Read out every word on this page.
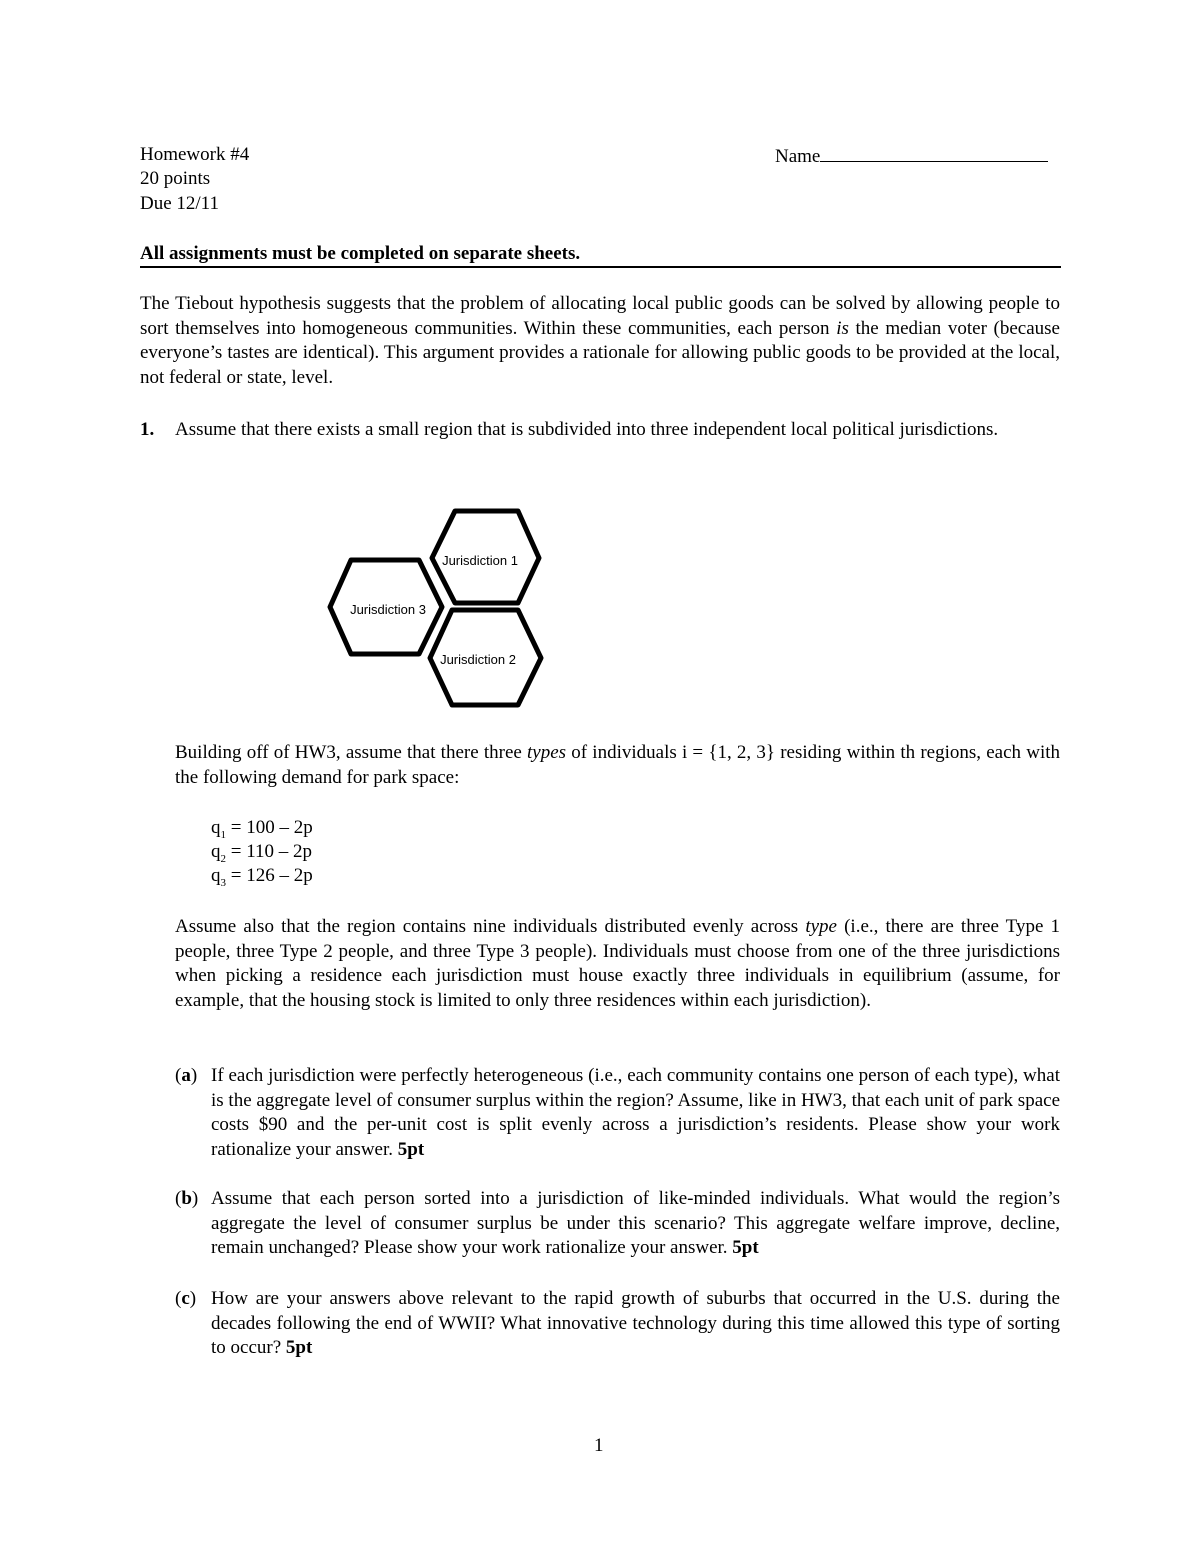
Homework #4
20 points
Due 12/11
Name
All assignments must be completed on separate sheets.
The Tiebout hypothesis suggests that the problem of allocating local public goods can be solved by allowing people to sort themselves into homogeneous communities. Within these communities, each person is the median voter (because everyone’s tastes are identical). This argument provides a rationale for allowing public goods to be provided at the local, not federal or state, level.
1. Assume that there exists a small region that is subdivided into three independent local political jurisdictions.
Jurisdiction 1
Jurisdiction 2
Jurisdiction 3
Building off of HW3, assume that there three types of individuals i = {1, 2, 3} residing within th regions, each with the following demand for park space:
$q_1 = 100 - 2p$
$q_2 = 110 - 2p$
$q_3 = 126 - 2p$
Assume also that the region contains nine individuals distributed evenly across type (i.e., there are three Type 1 people, three Type 2 people, and three Type 3 people). Individuals must choose from one of the three jurisdictions when picking a residence each jurisdiction must house exactly three individuals in equilibrium (assume, for example, that the housing stock is limited to only three residences within each jurisdiction).
(a) If each jurisdiction were perfectly heterogeneous (i.e., each community contains one person of each type), what is the aggregate level of consumer surplus within the region? Assume, like in HW3, that each unit of park space costs $90 and the per-unit cost is split evenly across a jurisdiction’s residents. Please show your work rationalize your answer. 5pt
(b) Assume that each person sorted into a jurisdiction of like-minded individuals. What would the region’s aggregate the level of consumer surplus be under this scenario? This aggregate welfare improve, decline, remain unchanged? Please show your work rationalize your answer. 5pt
(c) How are your answers above relevant to the rapid growth of suburbs that occurred in the U.S. during the decades following the end of WWII? What innovative technology during this time allowed this type of sorting to occur? 5pt
1
